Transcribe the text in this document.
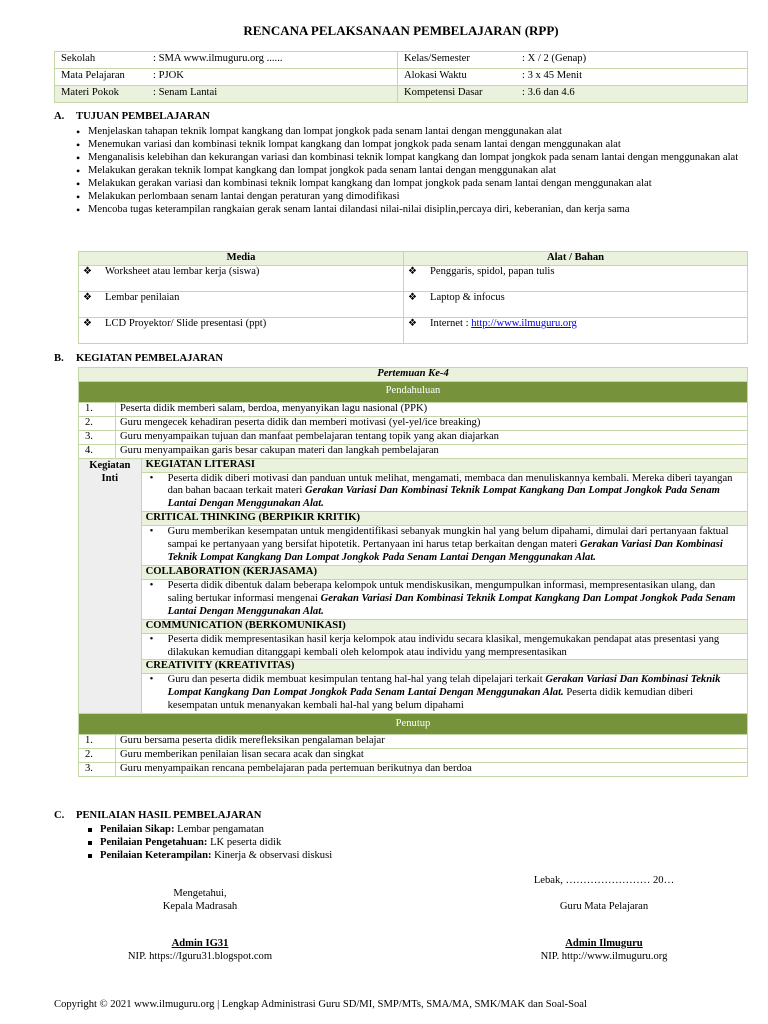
RENCANA PELAKSANAAN PEMBELAJARAN (RPP)
Sekolah	: SMA www.ilmuguru.org ......	Kelas/Semester	: X / 2 (Genap)
Mata Pelajaran	: PJOK	Alokasi Waktu	: 3 x 45 Menit
Materi Pokok	: Senam Lantai	Kompetensi Dasar	: 3.6 dan 4.6
A. TUJUAN PEMBELAJARAN
• Menjelaskan tahapan teknik lompat kangkang dan lompat jongkok pada senam lantai dengan menggunakan alat
• Menemukan variasi dan kombinasi teknik lompat kangkang dan lompat jongkok pada senam lantai dengan menggunakan alat
• Menganalisis kelebihan dan kekurangan variasi dan kombinasi teknik lompat kangkang dan lompat jongkok pada senam lantai dengan menggunakan alat
• Melakukan gerakan teknik lompat kangkang dan lompat jongkok pada senam lantai dengan menggunakan alat
• Melakukan gerakan variasi dan kombinasi teknik lompat kangkang dan lompat jongkok pada senam lantai dengan menggunakan alat
• Melakukan perlombaan senam lantai dengan peraturan yang dimodifikasi
• Mencoba tugas keterampilan rangkaian gerak senam lantai dilandasi nilai-nilai disiplin,percaya diri, keberanian, dan kerja sama
Media	Alat / Bahan
❖ Worksheet atau lembar kerja (siswa)	❖ Penggaris, spidol, papan tulis
❖ Lembar penilaian	❖ Laptop & infocus
❖ LCD Proyektor/ Slide presentasi (ppt)	❖ Internet : http://www.ilmuguru.org
B. KEGIATAN PEMBELAJARAN
Pertemuan Ke-4		
Pendahuluan		
1.	Peserta didik memberi salam, berdoa, menyanyikan lagu nasional (PPK)	
2.	Guru mengecek kehadiran peserta didik dan memberi motivasi (yel-yel/ice breaking)	
3.	Guru menyampaikan tujuan dan manfaat pembelajaran tentang topik yang akan diajarkan	
4.	Guru menyampaikan garis besar cakupan materi dan langkah pembelajaran	
Kegiatan Inti		KEGIATAN LITERASI
		• Peserta didik diberi motivasi dan panduan untuk melihat, mengamati, membaca dan menuliskannya kembali. Mereka diberi tayangan dan bahan bacaan terkait materi Gerakan Variasi Dan Kombinasi Teknik Lompat Kangkang Dan Lompat Jongkok Pada Senam Lantai Dengan Menggunakan Alat.
		CRITICAL THINKING (BERPIKIR KRITIK)
		• Guru memberikan kesempatan untuk mengidentifikasi sebanyak mungkin hal yang belum dipahami, dimulai dari pertanyaan faktual sampai ke pertanyaan yang bersifat hipotetik. Pertanyaan ini harus tetap berkaitan dengan materi Gerakan Variasi Dan Kombinasi Teknik Lompat Kangkang Dan Lompat Jongkok Pada Senam Lantai Dengan Menggunakan Alat.
		COLLABORATION (KERJASAMA)
		• Peserta didik dibentuk dalam beberapa kelompok untuk mendiskusikan, mengumpulkan informasi, mempresentasikan ulang, dan saling bertukar informasi mengenai Gerakan Variasi Dan Kombinasi Teknik Lompat Kangkang Dan Lompat Jongkok Pada Senam Lantai Dengan Menggunakan Alat.
		COMMUNICATION (BERKOMUNIKASI)
		• Peserta didik mempresentasikan hasil kerja kelompok atau individu secara klasikal, mengemukakan pendapat atas presentasi yang dilakukan kemudian ditanggapi kembali oleh kelompok atau individu yang mempresentasikan
		CREATIVITY (KREATIVITAS)
		• Guru dan peserta didik membuat kesimpulan tentang hal-hal yang telah dipelajari terkait Gerakan Variasi Dan Kombinasi Teknik Lompat Kangkang Dan Lompat Jongkok Pada Senam Lantai Dengan Menggunakan Alat. Peserta didik kemudian diberi kesempatan untuk menanyakan kembali hal-hal yang belum dipahami
Penutup		
1.	Guru bersama peserta didik merefleksikan pengalaman belajar	
2.	Guru memberikan penilaian lisan secara acak dan singkat	
3.	Guru menyampaikan rencana pembelajaran pada pertemuan berikutnya dan berdoa	
C. PENILAIAN HASIL PEMBELAJARAN
Penilaian Sikap: Lembar pengamatan
Penilaian Pengetahuan: LK peserta didik
Penilaian Keterampilan: Kinerja & observasi diskusi
Mengetahui,
Kepala Madrasah
Admin IG31
NIP. https://Iguru31.blogspot.com
Lebak, …………………… 20…
Guru Mata Pelajaran
Admin Ilmuguru
NIP. http://www.ilmuguru.org
Copyright © 2021 www.ilmuguru.org | Lengkap Administrasi Guru SD/MI, SMP/MTs, SMA/MA, SMK/MAK dan Soal-Soal
